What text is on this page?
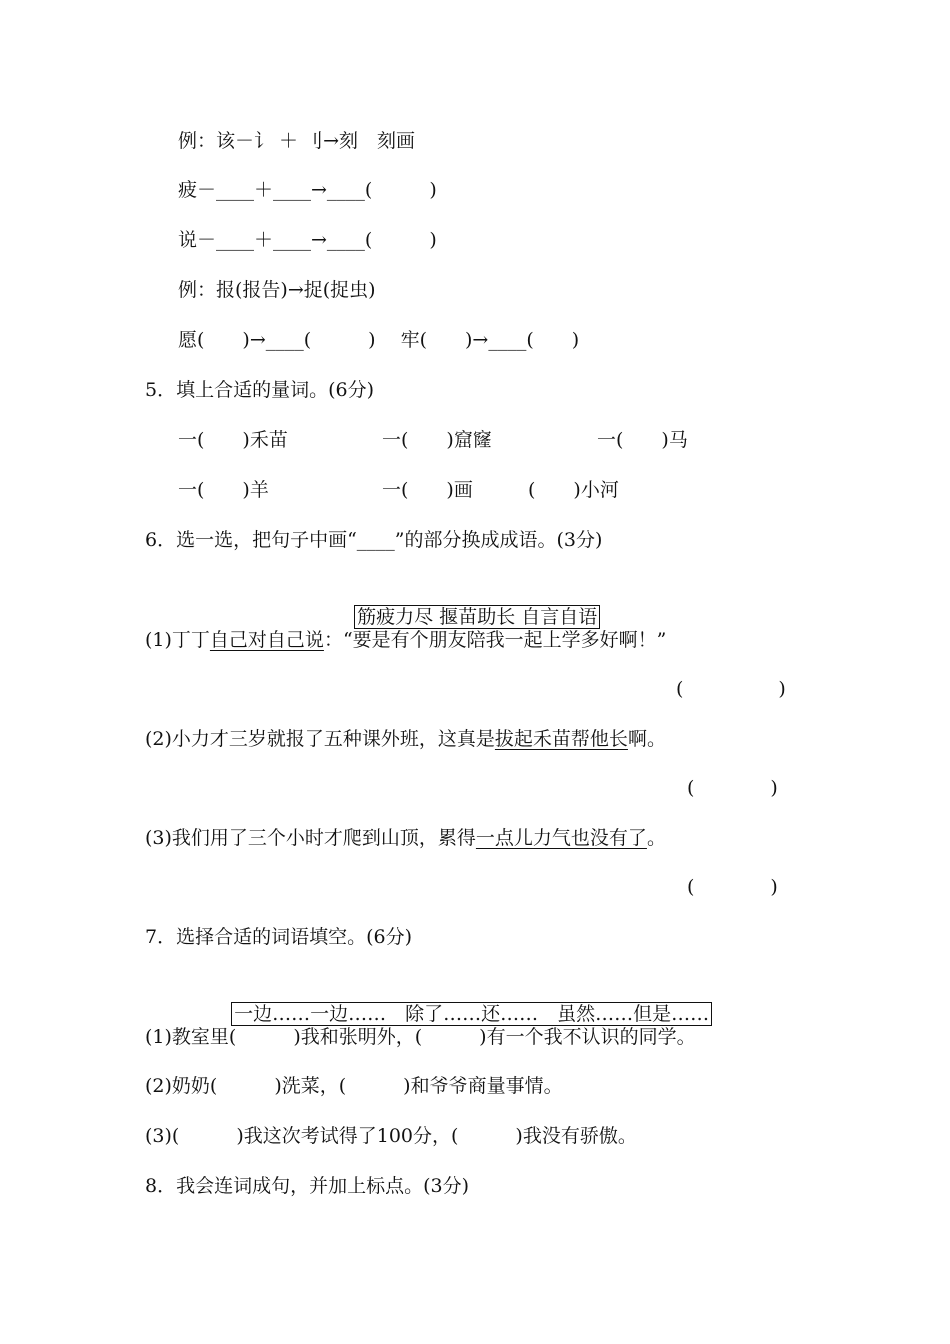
例：该－讠 ＋ 刂→刻　刻画
疲－____＋____→____(　　　)
说－____＋____→____(　　　)
例：报(报告)→捉(捉虫)
愿(　　)→____(　　　)　 牢(　　)→____(　　)
5．填上合适的量词。(6分)
一(　　)禾苗	一(　　)窟窿	一(　　)马
一(　　)羊	一(　　)画	(　　)小河
6．选一选，把句子中画“____”的部分换成成语。(3分)

筋疲力尽 揠苗助长 自言自语

(1)丁丁自己对自己说：“要是有个朋友陪我一起上学多好啊！”
(　　　　　)
(2)小力才三岁就报了五种课外班，这真是拔起禾苗帮他长啊。
(　　　　)
(3)我们用了三个小时才爬到山顶，累得一点儿力气也没有了。
(　　　　)
7．选择合适的词语填空。(6分)

一边……一边……　除了……还……　虽然……但是……

(1)教室里(　　　)我和张明外，(　　　)有一个我不认识的同学。
(2)奶奶(　　　)洗菜，(　　　)和爷爷商量事情。
(3)(　　　)我这次考试得了100分，(　　　)我没有骄傲。
8．我会连词成句，并加上标点。(3分)
